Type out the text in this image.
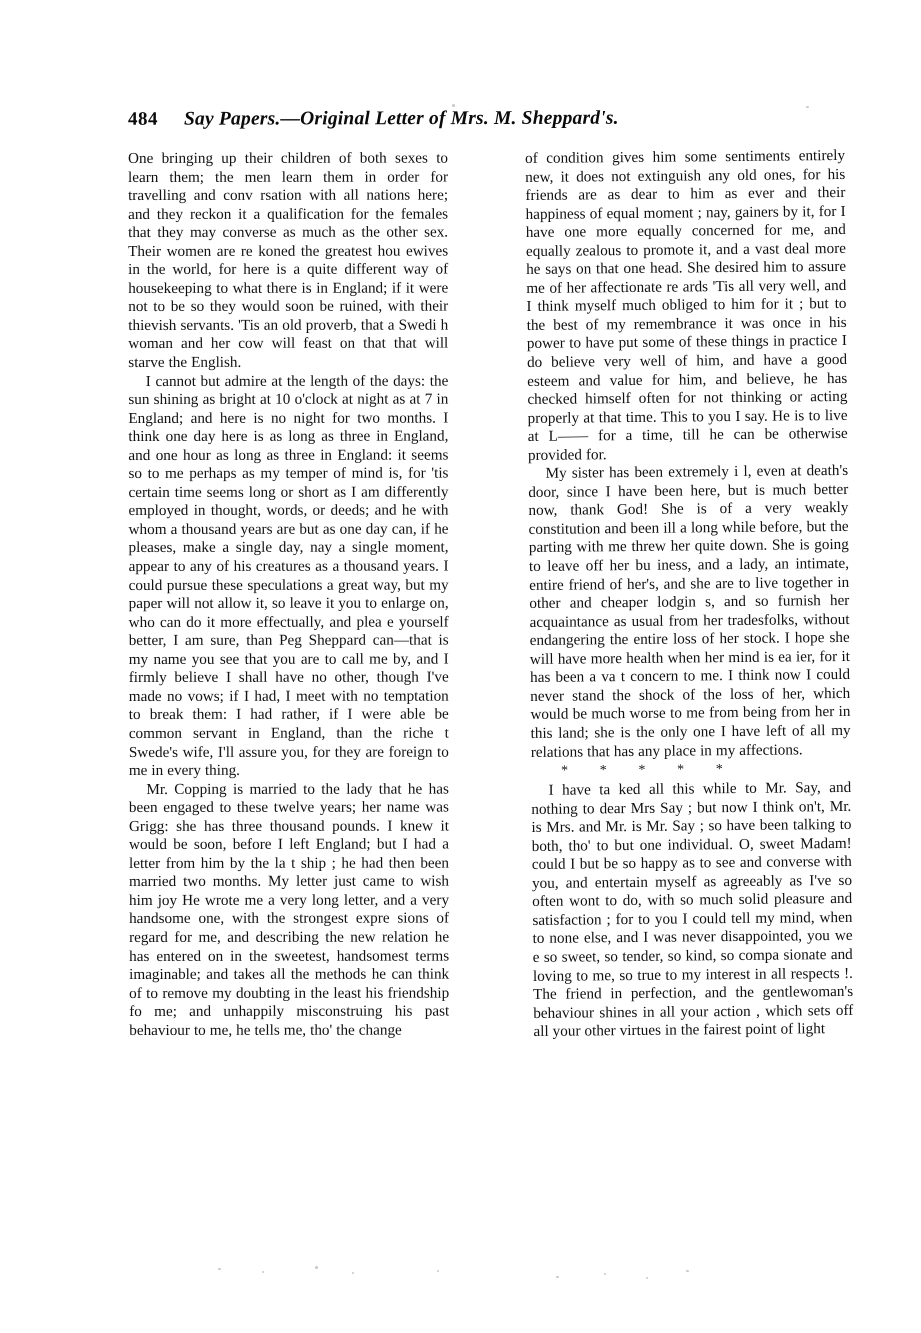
484 Say Papers.—Original Letter of Mrs. M. Sheppard's.

One bringing up their children of both sexes to learn them; the men learn them in order for travelling and conv rsation with all nations here; and they reckon it a qualification for the females that they may converse as much as the other sex. Their women are re koned the greatest hou ewives in the world, for here is a quite different way of housekeeping to what there is in England; if it were not to be so they would soon be ruined, with their thievish servants. 'Tis an old proverb, that a Swedi h woman and her cow will feast on that that will starve the English.

I cannot but admire at the length of the days: the sun shining as bright at 10 o'clock at night as at 7 in England; and here is no night for two months. I think one day here is as long as three in England, and one hour as long as three in England: it seems so to me perhaps as my temper of mind is, for 'tis certain time seems long or short as I am differently employed in thought, words, or deeds; and he with whom a thousand years are but as one day can, if he pleases, make a single day, nay a single moment, appear to any of his creatures as a thousand years. I could pursue these speculations a great way, but my paper will not allow it, so leave it you to enlarge on, who can do it more effectually, and plea e yourself better, I am sure, than Peg Sheppard can—that is my name you see that you are to call me by, and I firmly believe I shall have no other, though I've made no vows; if I had, I meet with no temptation to break them: I had rather, if I were able be common servant in England, than the riche t Swede's wife, I'll assure you, for they are foreign to me in every thing.

Mr. Copping is married to the lady that he has been engaged to these twelve years; her name was Grigg: she has three thousand pounds. I knew it would be soon, before I left England; but I had a letter from him by the la t ship ; he had then been married two months. My letter just came to wish him joy He wrote me a very long letter, and a very handsome one, with the strongest expre sions of regard for me, and describing the new relation he has entered on in the sweetest, handsomest terms imaginable; and takes all the methods he can think of to remove my doubting in the least his friendship fo me; and unhappily misconstruing his past behaviour to me, he tells me, tho' the change

of condition gives him some sentiments entirely new, it does not extinguish any old ones, for his friends are as dear to him as ever and their happiness of equal moment ; nay, gainers by it, for I have one more equally concerned for me, and equally zealous to promote it, and a vast deal more he says on that one head. She desired him to assure me of her affectionate re ards 'Tis all very well, and I think myself much obliged to him for it ; but to the best of my remembrance it was once in his power to have put some of these things in practice I do believe very well of him, and have a good esteem and value for him, and believe, he has checked himself often for not thinking or acting properly at that time. This to you I say. He is to live at L—— for a time, till he can be otherwise provided for.

My sister has been extremely i l, even at death's door, since I have been here, but is much better now, thank God! She is of a very weakly constitution and been ill a long while before, but the parting with me threw her quite down. She is going to leave off her bu iness, and a lady, an intimate, entire friend of her's, and she are to live together in other and cheaper lodgin s, and so furnish her acquaintance as usual from her tradesfolks, without endangering the entire loss of her stock. I hope she will have more health when her mind is ea ier, for it has been a va t concern to me. I think now I could never stand the shock of the loss of her, which would be much worse to me from being from her in this land; she is the only one I have left of all my relations that has any place in my affections.

* * * * *

I have ta ked all this while to Mr. Say, and nothing to dear Mrs Say ; but now I think on't, Mr. is Mrs. and Mr. is Mr. Say ; so have been talking to both, tho' to but one individual. O, sweet Madam! could I but be so happy as to see and converse with you, and entertain myself as agreeably as I've so often wont to do, with so much solid pleasure and satisfaction ; for to you I could tell my mind, when to none else, and I was never disappointed, you we e so sweet, so tender, so kind, so compa sionate and loving to me, so true to my interest in all respects !. The friend in perfection, and the gentlewoman's behaviour shines in all your action , which sets off all your other virtues in the fairest point of light
